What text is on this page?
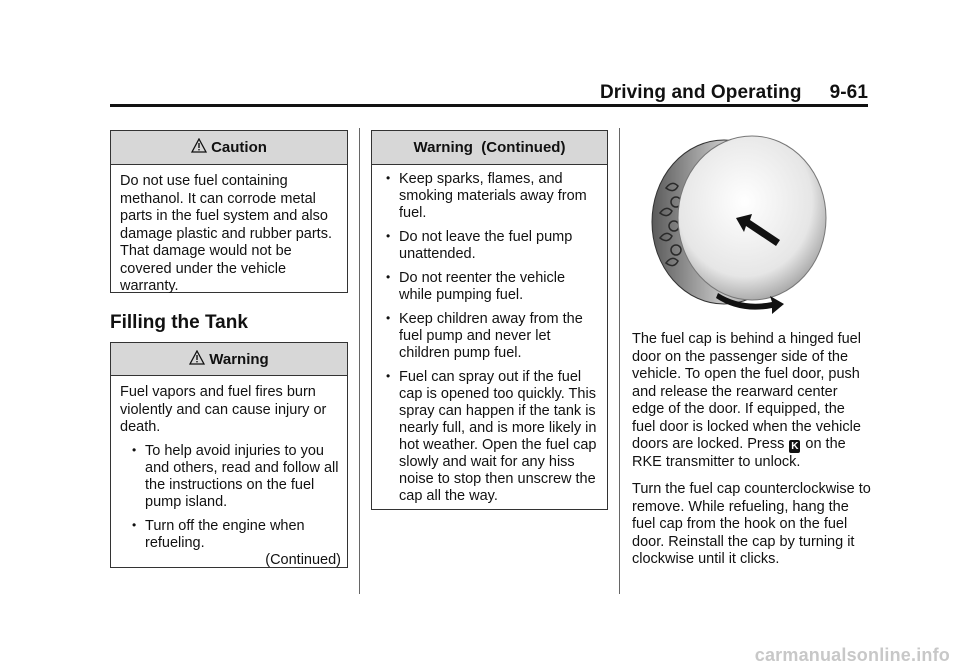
Driving and Operating 9-61
Caution

Do not use fuel containing methanol. It can corrode metal parts in the fuel system and also damage plastic and rubber parts. That damage would not be covered under the vehicle warranty.

Filling the Tank
Warning

Fuel vapors and fuel fires burn violently and can cause injury or death.

• To help avoid injuries to you and others, read and follow all the instructions on the fuel pump island.
• Turn off the engine when refueling.
(Continued)
Warning  (Continued)
• Keep sparks, flames, and smoking materials away from fuel.
• Do not leave the fuel pump unattended.
• Do not reenter the vehicle while pumping fuel.
• Keep children away from the fuel pump and never let children pump fuel.
• Fuel can spray out if the fuel cap is opened too quickly. This spray can happen if the tank is nearly full, and is more likely in hot weather. Open the fuel cap slowly and wait for any hiss noise to stop then unscrew the cap all the way.

The fuel cap is behind a hinged fuel door on the passenger side of the vehicle. To open the fuel door, push and release the rearward center edge of the door. If equipped, the fuel door is locked when the vehicle doors are locked. Press K on the RKE transmitter to unlock.

Turn the fuel cap counterclockwise to remove. While refueling, hang the fuel cap from the hook on the fuel door. Reinstall the cap by turning it clockwise until it clicks.

carmanualsonline.info
